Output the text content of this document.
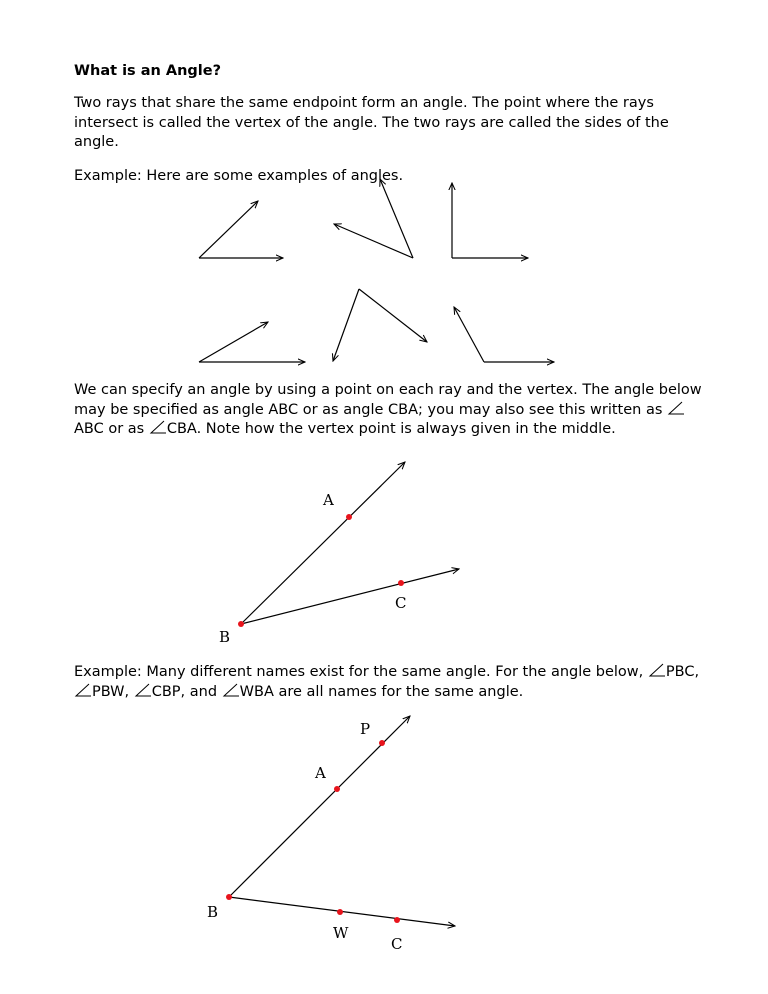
What is an Angle?

Two rays that share the same endpoint form an angle. The point where the rays intersect is called the vertex of the angle. The two rays are called the sides of the angle.

Example: Here are some examples of angles.

We can specify an angle by using a point on each ray and the vertex. The angle below may be specified as angle ABC or as angle CBA; you may also see this written as
ABC or as
CBA. Note how the vertex point is always given in the middle.

Example: Many different names exist for the same angle. For the angle below,
PBC,
PBW,
CBP, and
WBA are all names for the same angle.

A
C
B
P
A
B
W
C
